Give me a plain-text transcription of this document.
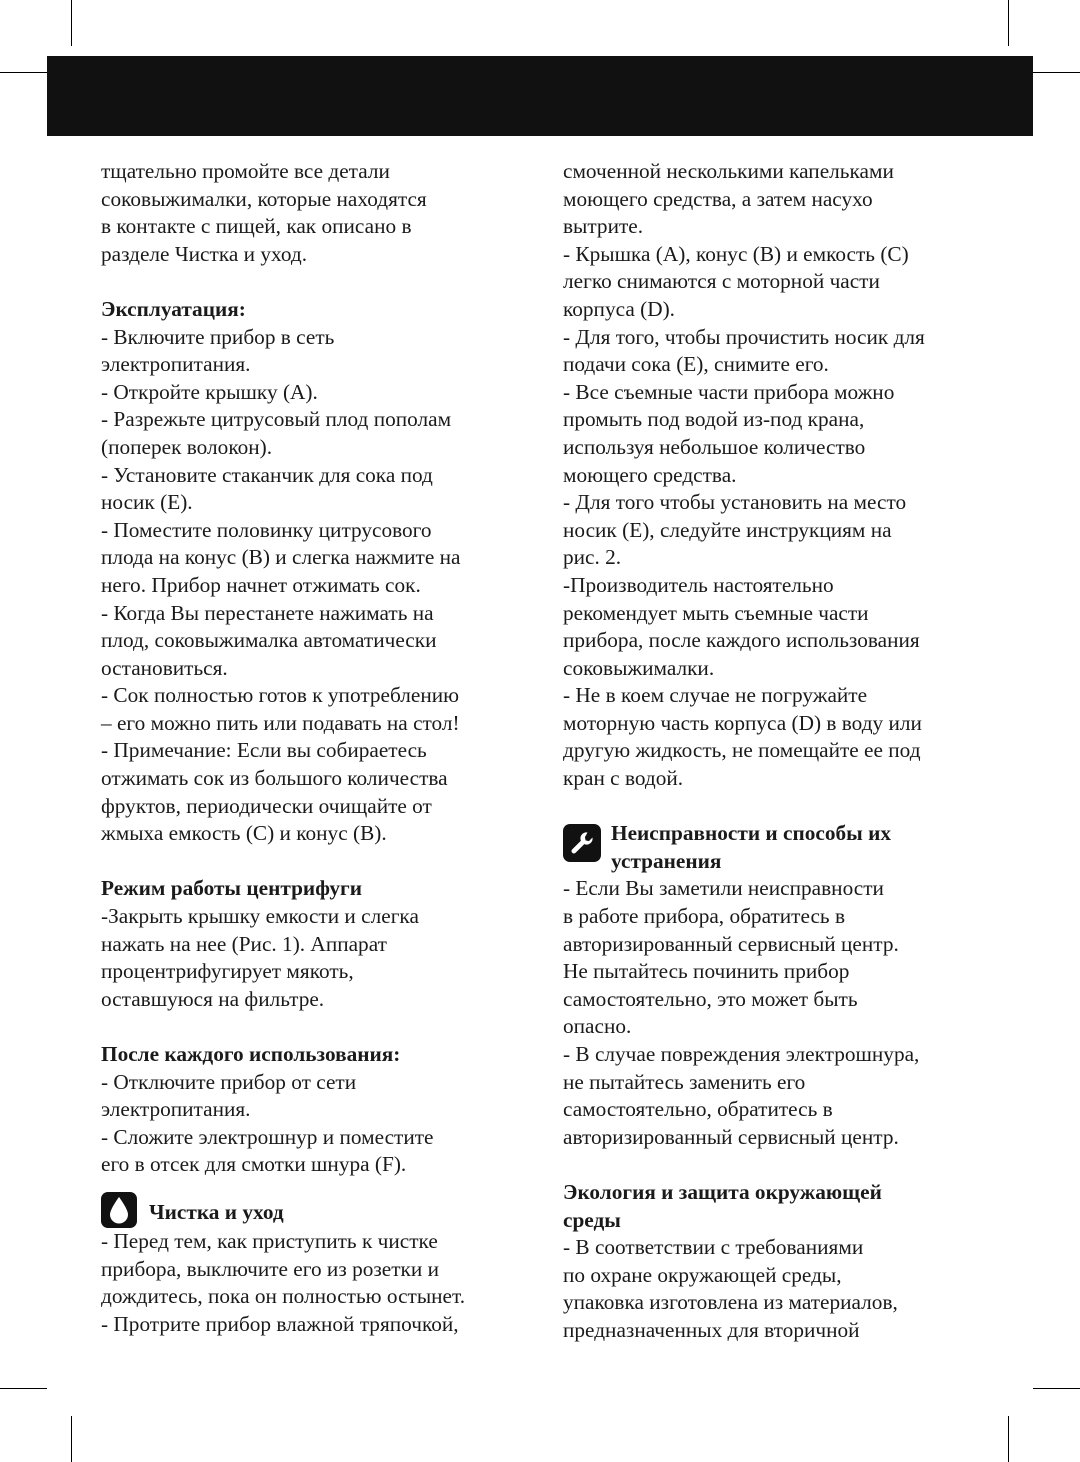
тщательно промойте все детали
соковыжималки, которые находятся
в контакте с пищей, как описано в
разделе Чистка и уход.
Эксплуатация:
- Включите прибор в сеть
электропитания.
- Откройте крышку (A).
- Разрежьте цитрусовый плод пополам
(поперек волокон).
- Установите стаканчик для сока под
носик (E).
- Поместите половинку цитрусового
плода на конус (B) и слегка нажмите на
него. Прибор начнет отжимать сок.
- Когда Вы перестанете нажимать на
плод, соковыжималка автоматически
остановиться.
- Сок полностью готов к употреблению
– его можно пить или подавать на стол!
- Примечание: Если вы собираетесь
отжимать сок из большого количества
фруктов, периодически очищайте от
жмыха емкость (C) и конус (B).
Режим работы центрифуги
-Закрыть крышку емкости и слегка
нажать на нее (Рис. 1). Аппарат
процентрифугирует мякоть,
оставшуюся на фильтре.
После каждого использования:
- Отключите прибор от сети
электропитания.
- Сложите электрошнур и поместите
его в отсек для смотки шнура (F).
Чистка и уход
- Перед тем, как приступить к чистке
прибора, выключите его из розетки и
дождитесь, пока он полностью остынет.
- Протрите прибор влажной тряпочкой,
смоченной несколькими капельками
моющего средства, а затем насухо
вытрите.
- Крышка (A), конус (B) и емкость (C)
легко снимаются с моторной части
корпуса (D).
- Для того, чтобы прочистить носик для
подачи сока (E), снимите его.
- Все съемные части прибора можно
промыть под водой из-под крана,
используя небольшое количество
моющего средства.
- Для того чтобы установить на место
носик (E), следуйте инструкциям на
рис. 2.
-Производитель настоятельно
рекомендует мыть съемные части
прибора, после каждого использования
соковыжималки.
- Не в коем случае не погружайте
моторную часть корпуса (D) в воду или
другую жидкость, не помещайте ее под
кран с водой.
Неисправности и способы их
устранения
- Если Вы заметили неисправности
в работе прибора, обратитесь в
авторизированный сервисный центр.
Не пытайтесь починить прибор
самостоятельно, это может быть
опасно.
- В случае повреждения электрошнура,
не пытайтесь заменить его
самостоятельно, обратитесь в
авторизированный сервисный центр.
Экология и защита окружающей
среды
- В соответствии с требованиями
по охране окружающей среды,
упаковка изготовлена из материалов,
предназначенных для вторичной
